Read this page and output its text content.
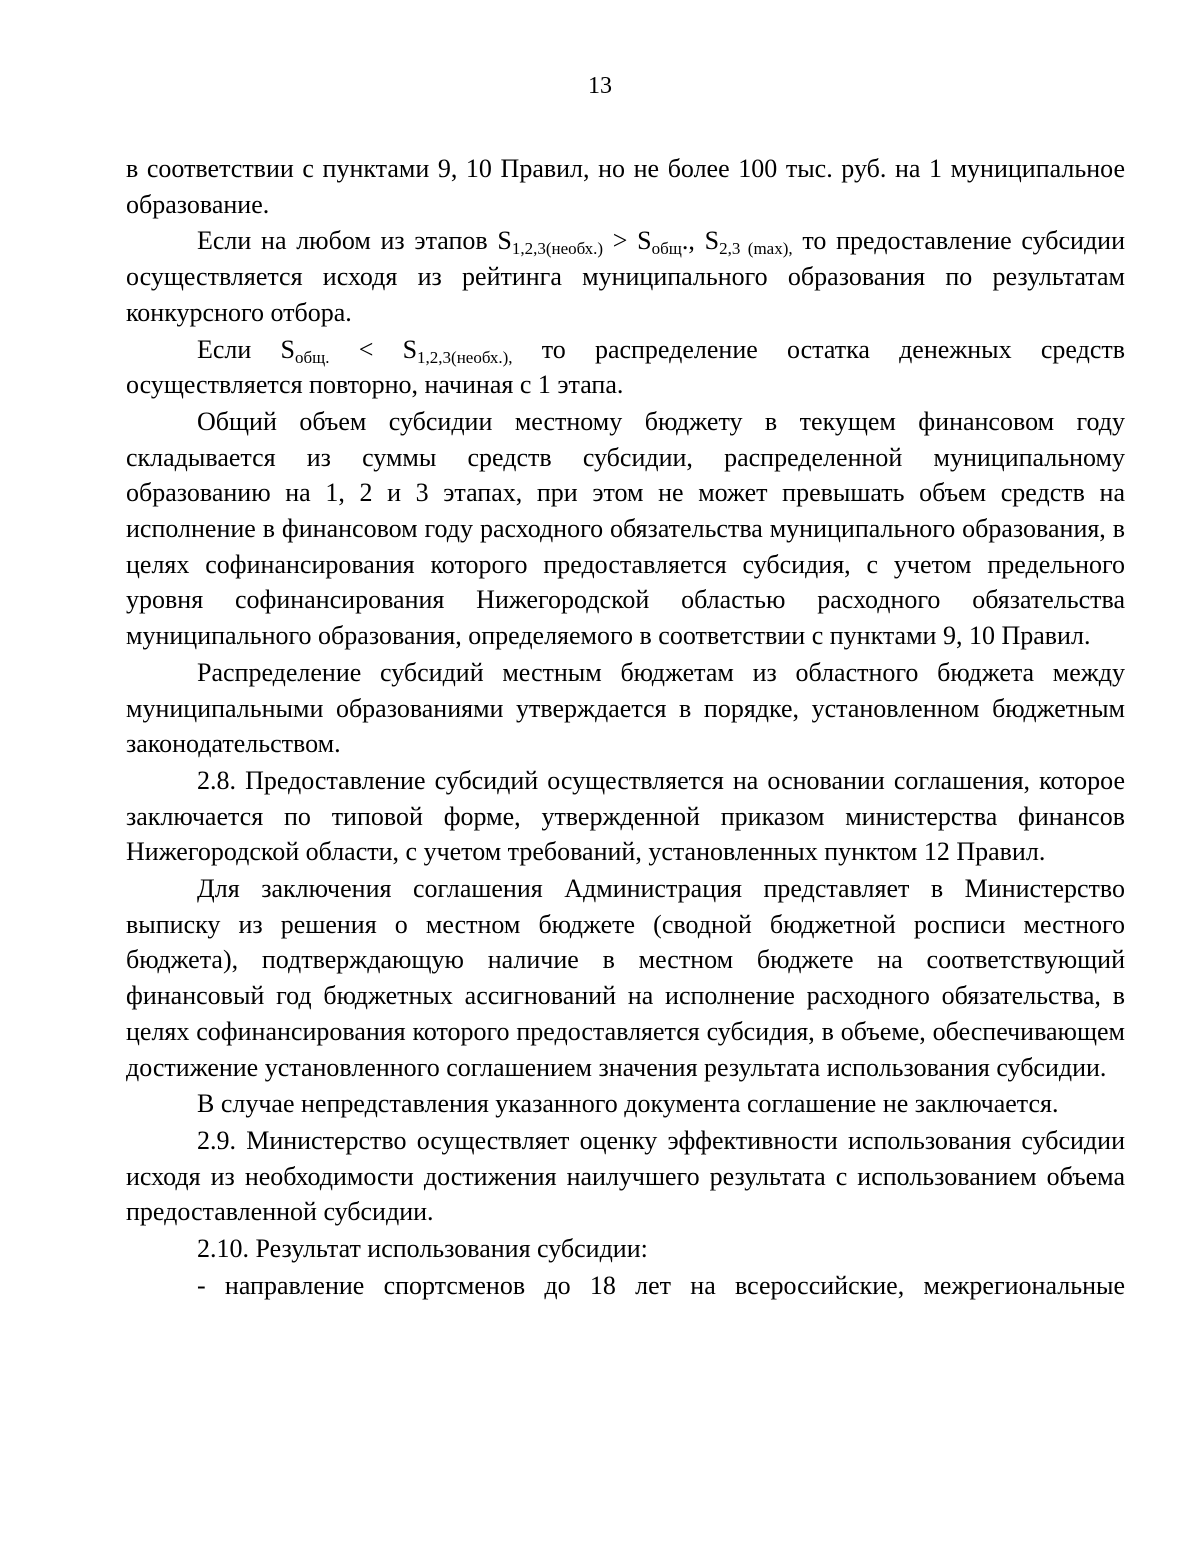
13

в соответствии с пунктами 9, 10 Правил, но не более 100 тыс. руб. на 1 муниципальное образование.

Если на любом из этапов $S_{1,2,3(необх.)} > S_{общ}$., $S_{2,3 (max),}$ то предоставление субсидии осуществляется исходя из рейтинга муниципального образования по результатам конкурсного отбора.

Если $S_{общ.} < S_{1,2,3(необх.),}$ то распределение остатка денежных средств осуществляется повторно, начиная с 1 этапа.

Общий объем субсидии местному бюджету в текущем финансовом году складывается из суммы средств субсидии, распределенной муниципальному образованию на 1, 2 и 3 этапах, при этом не может превышать объем средств на исполнение в финансовом году расходного обязательства муниципального образования, в целях софинансирования которого предоставляется субсидия, с учетом предельного уровня софинансирования Нижегородской областью расходного обязательства муниципального образования, определяемого в соответствии с пунктами 9, 10 Правил.

Распределение субсидий местным бюджетам из областного бюджета между муниципальными образованиями утверждается в порядке, установленном бюджетным законодательством.

2.8. Предоставление субсидий осуществляется на основании соглашения, которое заключается по типовой форме, утвержденной приказом министерства финансов Нижегородской области, с учетом требований, установленных пунктом 12 Правил.

Для заключения соглашения Администрация представляет в Министерство выписку из решения о местном бюджете (сводной бюджетной росписи местного бюджета), подтверждающую наличие в местном бюджете на соответствующий финансовый год бюджетных ассигнований на исполнение расходного обязательства, в целях софинансирования которого предоставляется субсидия, в объеме, обеспечивающем достижение установленного соглашением значения результата использования субсидии.

В случае непредставления указанного документа соглашение не заключается.

2.9. Министерство осуществляет оценку эффективности использования субсидии исходя из необходимости достижения наилучшего результата с использованием объема предоставленной субсидии.

2.10. Результат использования субсидии:

- направление спортсменов до 18 лет на всероссийские, межрегиональные
